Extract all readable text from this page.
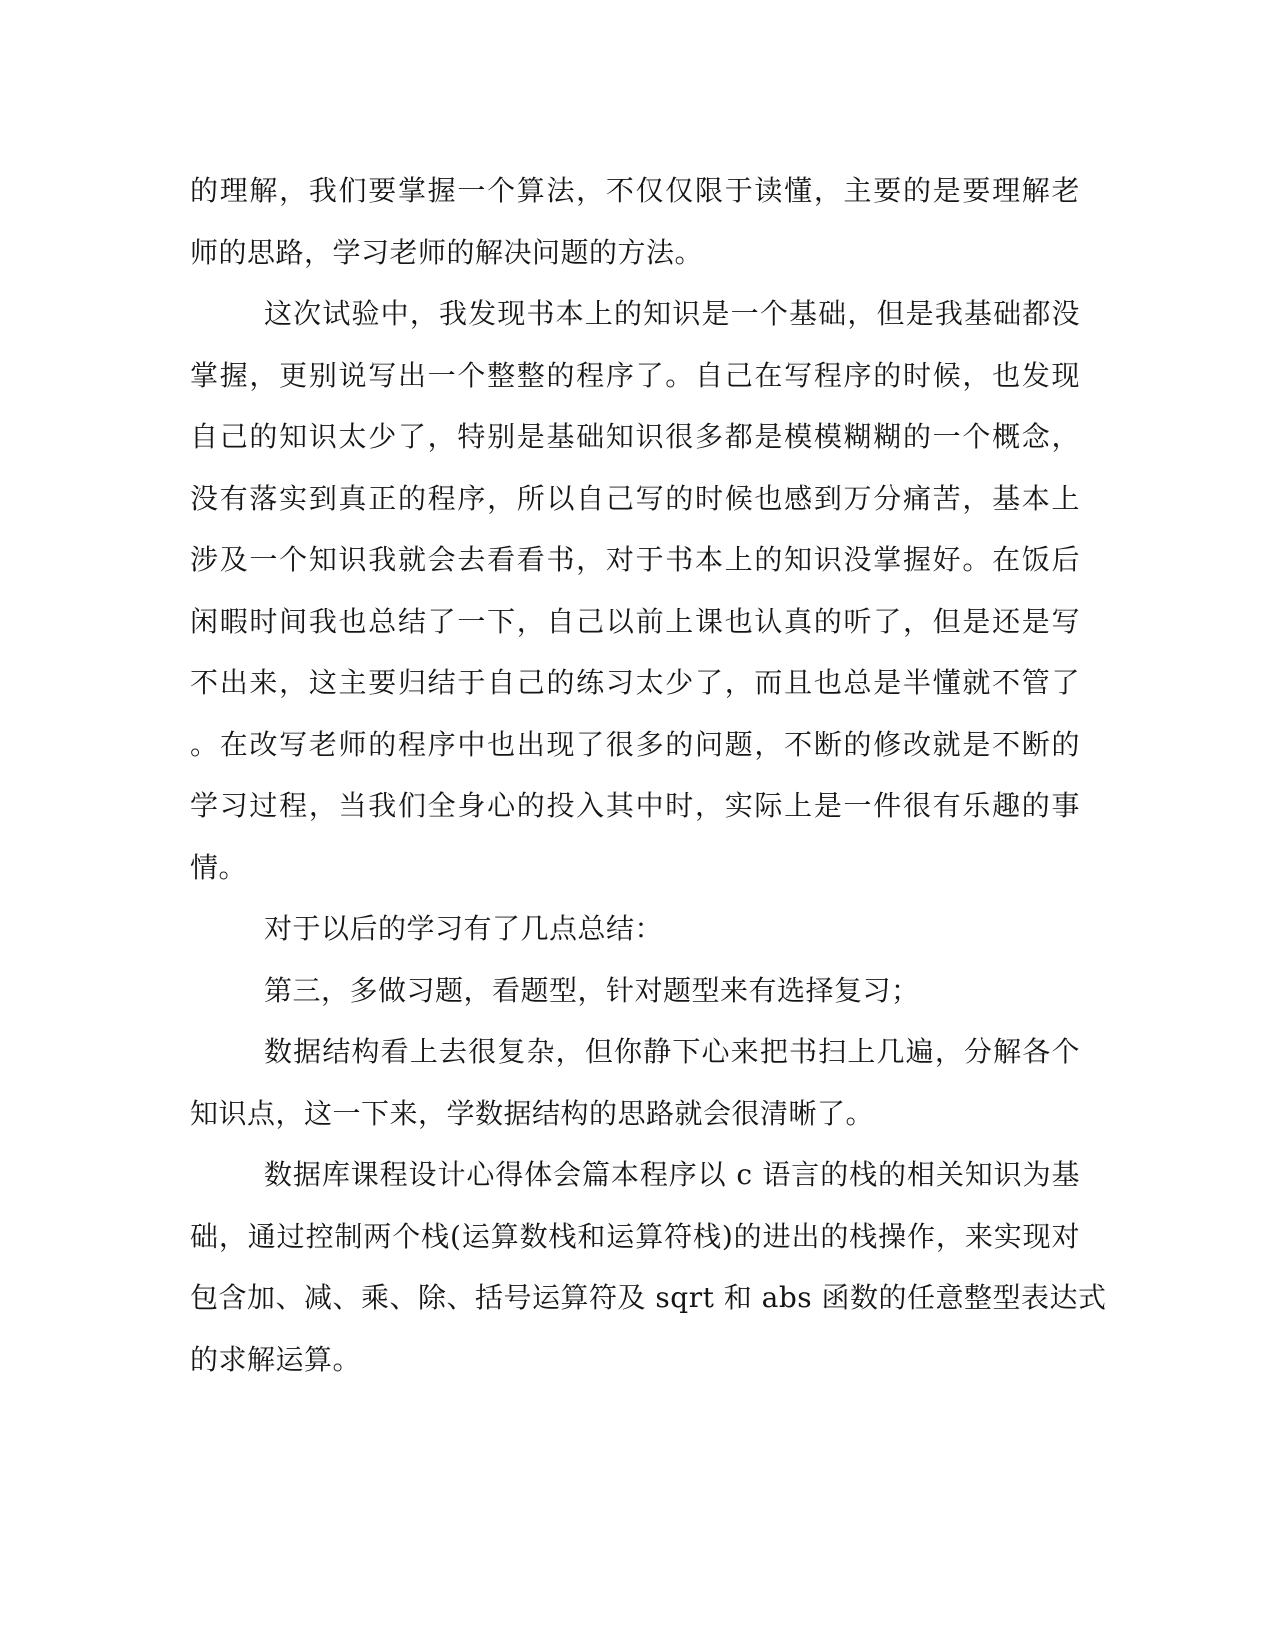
的理解，我们要掌握一个算法，不仅仅限于读懂，主要的是要理解老
师的思路，学习老师的解决问题的方法。
这次试验中，我发现书本上的知识是一个基础，但是我基础都没
掌握，更别说写出一个整整的程序了。自己在写程序的时候，也发现
自己的知识太少了，特别是基础知识很多都是模模糊糊的一个概念，
没有落实到真正的程序，所以自己写的时候也感到万分痛苦，基本上
涉及一个知识我就会去看看书，对于书本上的知识没掌握好。在饭后
闲暇时间我也总结了一下，自己以前上课也认真的听了，但是还是写
不出来，这主要归结于自己的练习太少了，而且也总是半懂就不管了
。在改写老师的程序中也出现了很多的问题，不断的修改就是不断的
学习过程，当我们全身心的投入其中时，实际上是一件很有乐趣的事
情。
对于以后的学习有了几点总结：
第三，多做习题，看题型，针对题型来有选择复习；
数据结构看上去很复杂，但你静下心来把书扫上几遍，分解各个
知识点，这一下来，学数据结构的思路就会很清晰了。
数据库课程设计心得体会篇本程序以 c 语言的栈的相关知识为基
础，通过控制两个栈(运算数栈和运算符栈)的进出的栈操作，来实现对
包含加、减、乘、除、括号运算符及 sqrt 和 abs 函数的任意整型表达式
的求解运算。
